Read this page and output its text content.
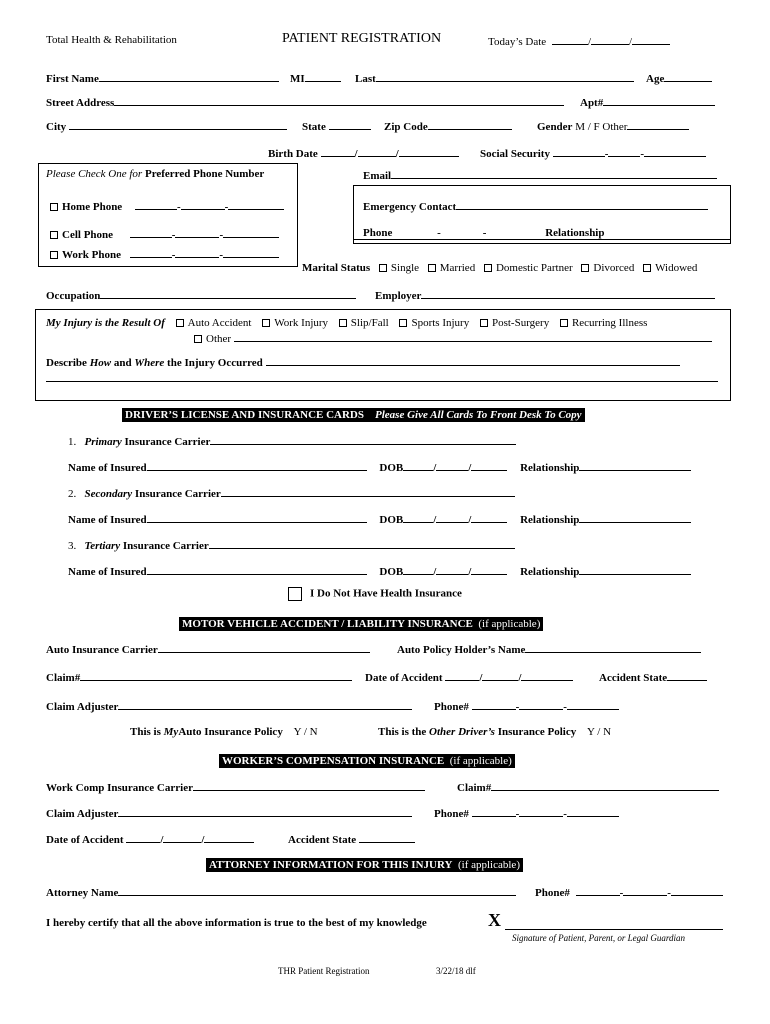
Total Health & Rehabilitation	PATIENT REGISTRATION	Today’s Date	/	/
First Name	MI	Last	Age
Street Address	Apt#
City	State	Zip Code	Gender M / F Other
Birth Date	/	/	Social Security	-	-
Please Check One for Preferred Phone Number
Home Phone	-	-
Cell Phone	-	-
Work Phone	-	-
Email
Emergency Contact
Phone	-	-	Relationship
Marital Status Single Married Domestic Partner Divorced Widowed
Occupation	Employer
My Injury is the Result Of Auto Accident Work Injury Slip/Fall Sports Injury Post-Surgery Recurring Illness
Other
Describe How and Where the Injury Occurred
DRIVER’S LICENSE AND INSURANCE CARDS Please Give All Cards To Front Desk To Copy
1. Primary Insurance Carrier
Name of Insured	DOB	/	/	Relationship
2. Secondary Insurance Carrier
Name of Insured	DOB	/	/	Relationship
3. Tertiary Insurance Carrier
Name of Insured	DOB	/	/	Relationship
I Do Not Have Health Insurance
MOTOR VEHICLE ACCIDENT / LIABILITY INSURANCE (if applicable)
Auto Insurance Carrier	Auto Policy Holder’s Name
Claim#	Date of Accident	/	/	Accident State
Claim Adjuster	Phone#	-	-
This is MyAuto Insurance Policy Y / N	This is the Other Driver’s Insurance Policy Y / N
WORKER’S COMPENSATION INSURANCE (if applicable)
Work Comp Insurance Carrier	Claim#
Claim Adjuster	Phone#	-	-
Date of Accident	/	/	Accident State
ATTORNEY INFORMATION FOR THIS INJURY (if applicable)
Attorney Name	Phone#	-	-
I hereby certify that all the above information is true to the best of my knowledge	X
Signature of Patient, Parent, or Legal Guardian
THR Patient Registration	3/22/18 dlf
